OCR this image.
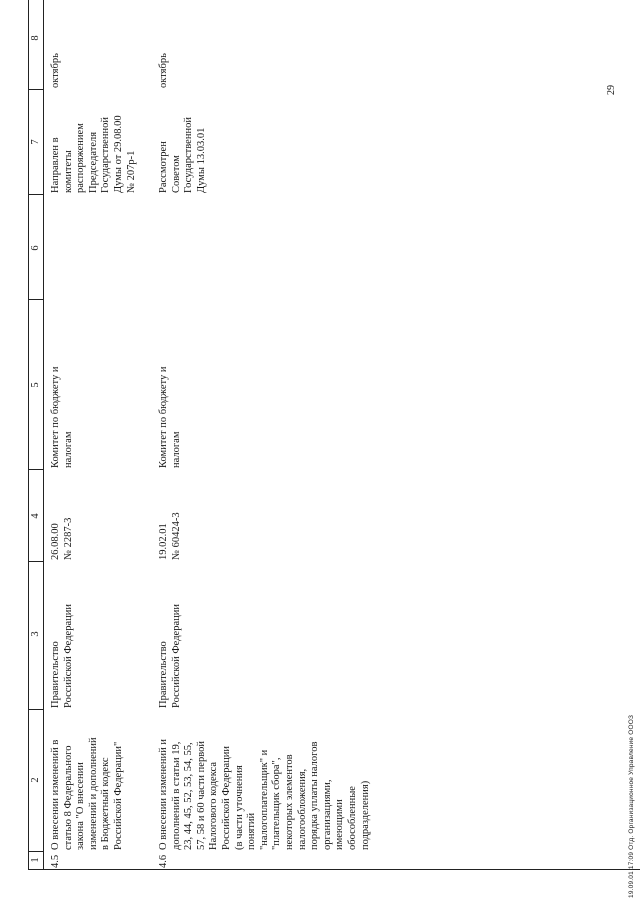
1
2
3
4
5
6
7
8
4.5
О внесении изменений в
статью 8 Федерального
закона "О внесении
изменений и дополнений
в Бюджетный кодекс
Российской Федерации"
Правительство
Российской Федерации
26.08.00
№ 2287-3
Комитет по бюджету и
налогам
Направлен в
комитеты
распоряжением
Председателя
Государственной
Думы от 29.08.00
№ 207р-1
октябрь
4.6
О внесении изменений и
дополнений в статьи 19,
23, 44, 45, 52, 53, 54, 55,
57, 58 и 60 части первой
Налогового кодекса
Российской Федерации
(в части уточнения
понятий
"налогоплательщик" и
"плательщик сбора",
некоторых элементов
налогообложения,
порядка уплаты налогов
организациями,
имеющими
обособленные
подразделения)
Правительство
Российской Федерации
19.02.01
№ 60424-3
Комитет по бюджету и
налогам
Рассмотрен
Советом
Государственной
Думы 13.03.01
октябрь
29
19.09.01 17:09 Отд. Организационное Управление ОООЗ
